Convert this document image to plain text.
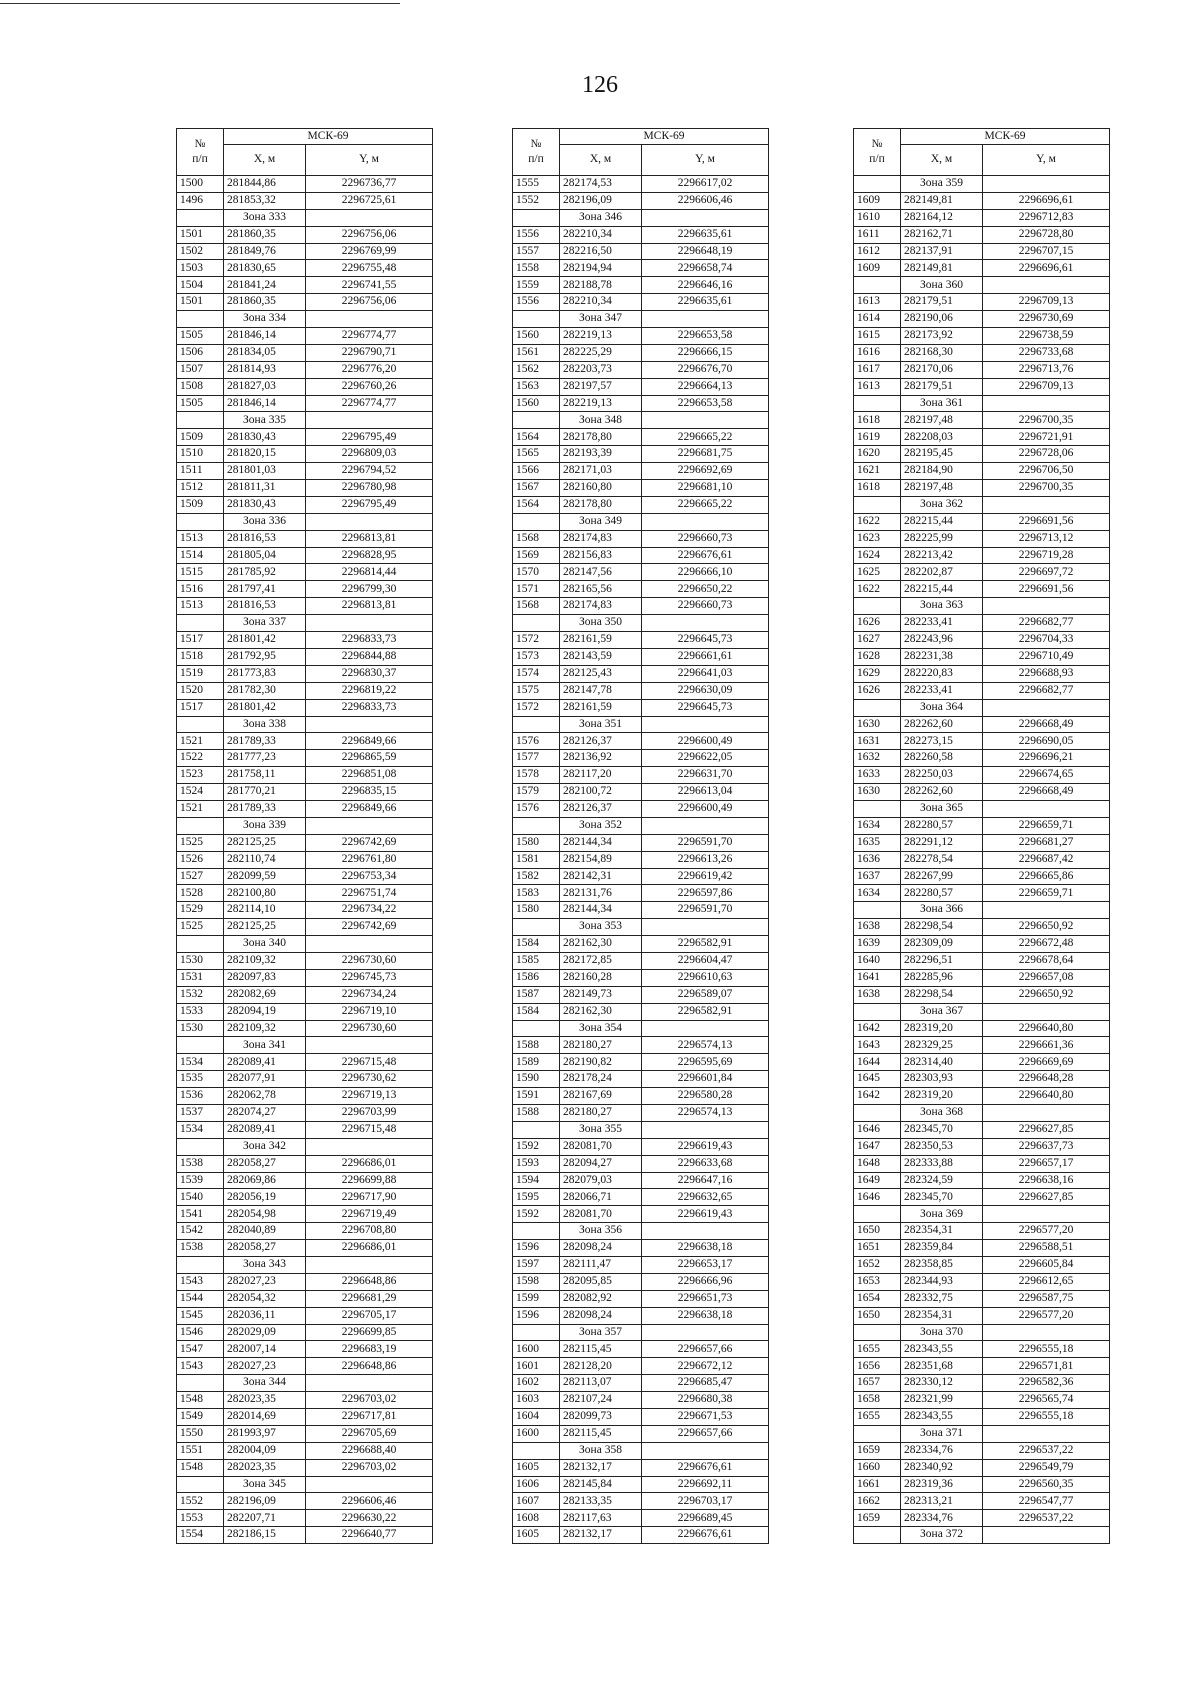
126
№
п/п	МСК-69	
	Х, м	Y, м
1500	281844,86	2296736,77
1496	281853,32	2296725,61
	Зона 333	
1501	281860,35	2296756,06
1502	281849,76	2296769,99
1503	281830,65	2296755,48
1504	281841,24	2296741,55
1501	281860,35	2296756,06
	Зона 334	
1505	281846,14	2296774,77
1506	281834,05	2296790,71
1507	281814,93	2296776,20
1508	281827,03	2296760,26
1505	281846,14	2296774,77
	Зона 335	
1509	281830,43	2296795,49
1510	281820,15	2296809,03
1511	281801,03	2296794,52
1512	281811,31	2296780,98
1509	281830,43	2296795,49
	Зона 336	
1513	281816,53	2296813,81
1514	281805,04	2296828,95
1515	281785,92	2296814,44
1516	281797,41	2296799,30
1513	281816,53	2296813,81
	Зона 337	
1517	281801,42	2296833,73
1518	281792,95	2296844,88
1519	281773,83	2296830,37
1520	281782,30	2296819,22
1517	281801,42	2296833,73
	Зона 338	
1521	281789,33	2296849,66
1522	281777,23	2296865,59
1523	281758,11	2296851,08
1524	281770,21	2296835,15
1521	281789,33	2296849,66
	Зона 339	
1525	282125,25	2296742,69
1526	282110,74	2296761,80
1527	282099,59	2296753,34
1528	282100,80	2296751,74
1529	282114,10	2296734,22
1525	282125,25	2296742,69
	Зона 340	
1530	282109,32	2296730,60
1531	282097,83	2296745,73
1532	282082,69	2296734,24
1533	282094,19	2296719,10
1530	282109,32	2296730,60
	Зона 341	
1534	282089,41	2296715,48
1535	282077,91	2296730,62
1536	282062,78	2296719,13
1537	282074,27	2296703,99
1534	282089,41	2296715,48
	Зона 342	
1538	282058,27	2296686,01
1539	282069,86	2296699,88
1540	282056,19	2296717,90
1541	282054,98	2296719,49
1542	282040,89	2296708,80
1538	282058,27	2296686,01
	Зона 343	
1543	282027,23	2296648,86
1544	282054,32	2296681,29
1545	282036,11	2296705,17
1546	282029,09	2296699,85
1547	282007,14	2296683,19
1543	282027,23	2296648,86
	Зона 344	
1548	282023,35	2296703,02
1549	282014,69	2296717,81
1550	281993,97	2296705,69
1551	282004,09	2296688,40
1548	282023,35	2296703,02
	Зона 345	
1552	282196,09	2296606,46
1553	282207,71	2296630,22
1554	282186,15	2296640,77
№
п/п	МСК-69	
	Х, м	Y, м
1555	282174,53	2296617,02
1552	282196,09	2296606,46
	Зона 346	
1556	282210,34	2296635,61
1557	282216,50	2296648,19
1558	282194,94	2296658,74
1559	282188,78	2296646,16
1556	282210,34	2296635,61
	Зона 347	
1560	282219,13	2296653,58
1561	282225,29	2296666,15
1562	282203,73	2296676,70
1563	282197,57	2296664,13
1560	282219,13	2296653,58
	Зона 348	
1564	282178,80	2296665,22
1565	282193,39	2296681,75
1566	282171,03	2296692,69
1567	282160,80	2296681,10
1564	282178,80	2296665,22
	Зона 349	
1568	282174,83	2296660,73
1569	282156,83	2296676,61
1570	282147,56	2296666,10
1571	282165,56	2296650,22
1568	282174,83	2296660,73
	Зона 350	
1572	282161,59	2296645,73
1573	282143,59	2296661,61
1574	282125,43	2296641,03
1575	282147,78	2296630,09
1572	282161,59	2296645,73
	Зона 351	
1576	282126,37	2296600,49
1577	282136,92	2296622,05
1578	282117,20	2296631,70
1579	282100,72	2296613,04
1576	282126,37	2296600,49
	Зона 352	
1580	282144,34	2296591,70
1581	282154,89	2296613,26
1582	282142,31	2296619,42
1583	282131,76	2296597,86
1580	282144,34	2296591,70
	Зона 353	
1584	282162,30	2296582,91
1585	282172,85	2296604,47
1586	282160,28	2296610,63
1587	282149,73	2296589,07
1584	282162,30	2296582,91
	Зона 354	
1588	282180,27	2296574,13
1589	282190,82	2296595,69
1590	282178,24	2296601,84
1591	282167,69	2296580,28
1588	282180,27	2296574,13
	Зона 355	
1592	282081,70	2296619,43
1593	282094,27	2296633,68
1594	282079,03	2296647,16
1595	282066,71	2296632,65
1592	282081,70	2296619,43
	Зона 356	
1596	282098,24	2296638,18
1597	282111,47	2296653,17
1598	282095,85	2296666,96
1599	282082,92	2296651,73
1596	282098,24	2296638,18
	Зона 357	
1600	282115,45	2296657,66
1601	282128,20	2296672,12
1602	282113,07	2296685,47
1603	282107,24	2296680,38
1604	282099,73	2296671,53
1600	282115,45	2296657,66
	Зона 358	
1605	282132,17	2296676,61
1606	282145,84	2296692,11
1607	282133,35	2296703,17
1608	282117,63	2296689,45
1605	282132,17	2296676,61
№
п/п	МСК-69	
	Х, м	Y, м
	Зона 359	
1609	282149,81	2296696,61
1610	282164,12	2296712,83
1611	282162,71	2296728,80
1612	282137,91	2296707,15
1609	282149,81	2296696,61
	Зона 360	
1613	282179,51	2296709,13
1614	282190,06	2296730,69
1615	282173,92	2296738,59
1616	282168,30	2296733,68
1617	282170,06	2296713,76
1613	282179,51	2296709,13
	Зона 361	
1618	282197,48	2296700,35
1619	282208,03	2296721,91
1620	282195,45	2296728,06
1621	282184,90	2296706,50
1618	282197,48	2296700,35
	Зона 362	
1622	282215,44	2296691,56
1623	282225,99	2296713,12
1624	282213,42	2296719,28
1625	282202,87	2296697,72
1622	282215,44	2296691,56
	Зона 363	
1626	282233,41	2296682,77
1627	282243,96	2296704,33
1628	282231,38	2296710,49
1629	282220,83	2296688,93
1626	282233,41	2296682,77
	Зона 364	
1630	282262,60	2296668,49
1631	282273,15	2296690,05
1632	282260,58	2296696,21
1633	282250,03	2296674,65
1630	282262,60	2296668,49
	Зона 365	
1634	282280,57	2296659,71
1635	282291,12	2296681,27
1636	282278,54	2296687,42
1637	282267,99	2296665,86
1634	282280,57	2296659,71
	Зона 366	
1638	282298,54	2296650,92
1639	282309,09	2296672,48
1640	282296,51	2296678,64
1641	282285,96	2296657,08
1638	282298,54	2296650,92
	Зона 367	
1642	282319,20	2296640,80
1643	282329,25	2296661,36
1644	282314,40	2296669,69
1645	282303,93	2296648,28
1642	282319,20	2296640,80
	Зона 368	
1646	282345,70	2296627,85
1647	282350,53	2296637,73
1648	282333,88	2296657,17
1649	282324,59	2296638,16
1646	282345,70	2296627,85
	Зона 369	
1650	282354,31	2296577,20
1651	282359,84	2296588,51
1652	282358,85	2296605,84
1653	282344,93	2296612,65
1654	282332,75	2296587,75
1650	282354,31	2296577,20
	Зона 370	
1655	282343,55	2296555,18
1656	282351,68	2296571,81
1657	282330,12	2296582,36
1658	282321,99	2296565,74
1655	282343,55	2296555,18
	Зона 371	
1659	282334,76	2296537,22
1660	282340,92	2296549,79
1661	282319,36	2296560,35
1662	282313,21	2296547,77
1659	282334,76	2296537,22
	Зона 372	
